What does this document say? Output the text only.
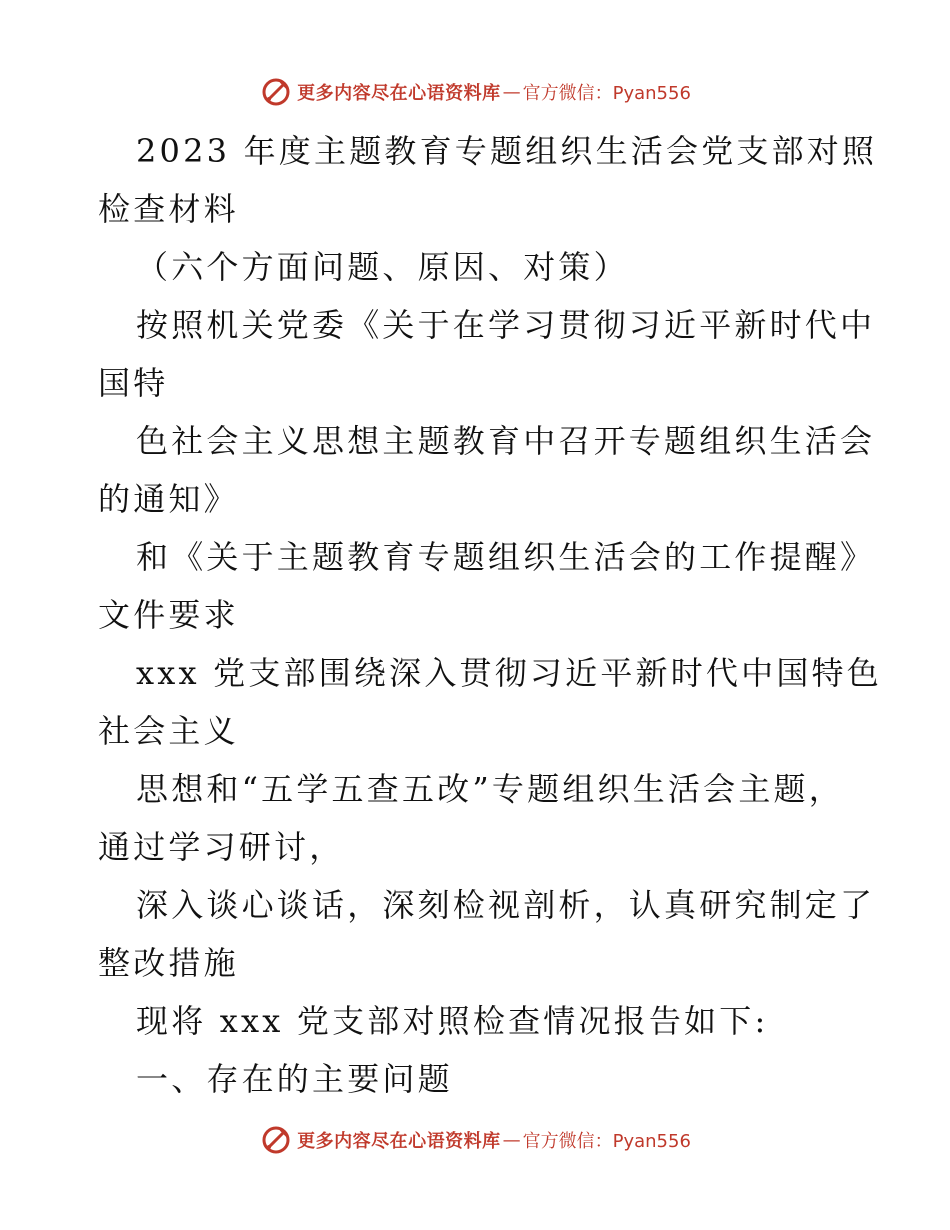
更多内容尽在心语资料库 — 官方微信：Pyan556
2023 年度主题教育专题组织生活会党支部对照
检查材料
（六个方面问题、原因、对策）
按照机关党委《关于在学习贯彻习近平新时代中
国特
色社会主义思想主题教育中召开专题组织生活会
的通知》
和《关于主题教育专题组织生活会的工作提醒》
文件要求
xxx 党支部围绕深入贯彻习近平新时代中国特色
社会主义
思想和“五学五查五改”专题组织生活会主题，
通过学习研讨，
深入谈心谈话，深刻检视剖析，认真研究制定了
整改措施
现将 xxx 党支部对照检查情况报告如下:
一、存在的主要问题
更多内容尽在心语资料库 — 官方微信：Pyan556
